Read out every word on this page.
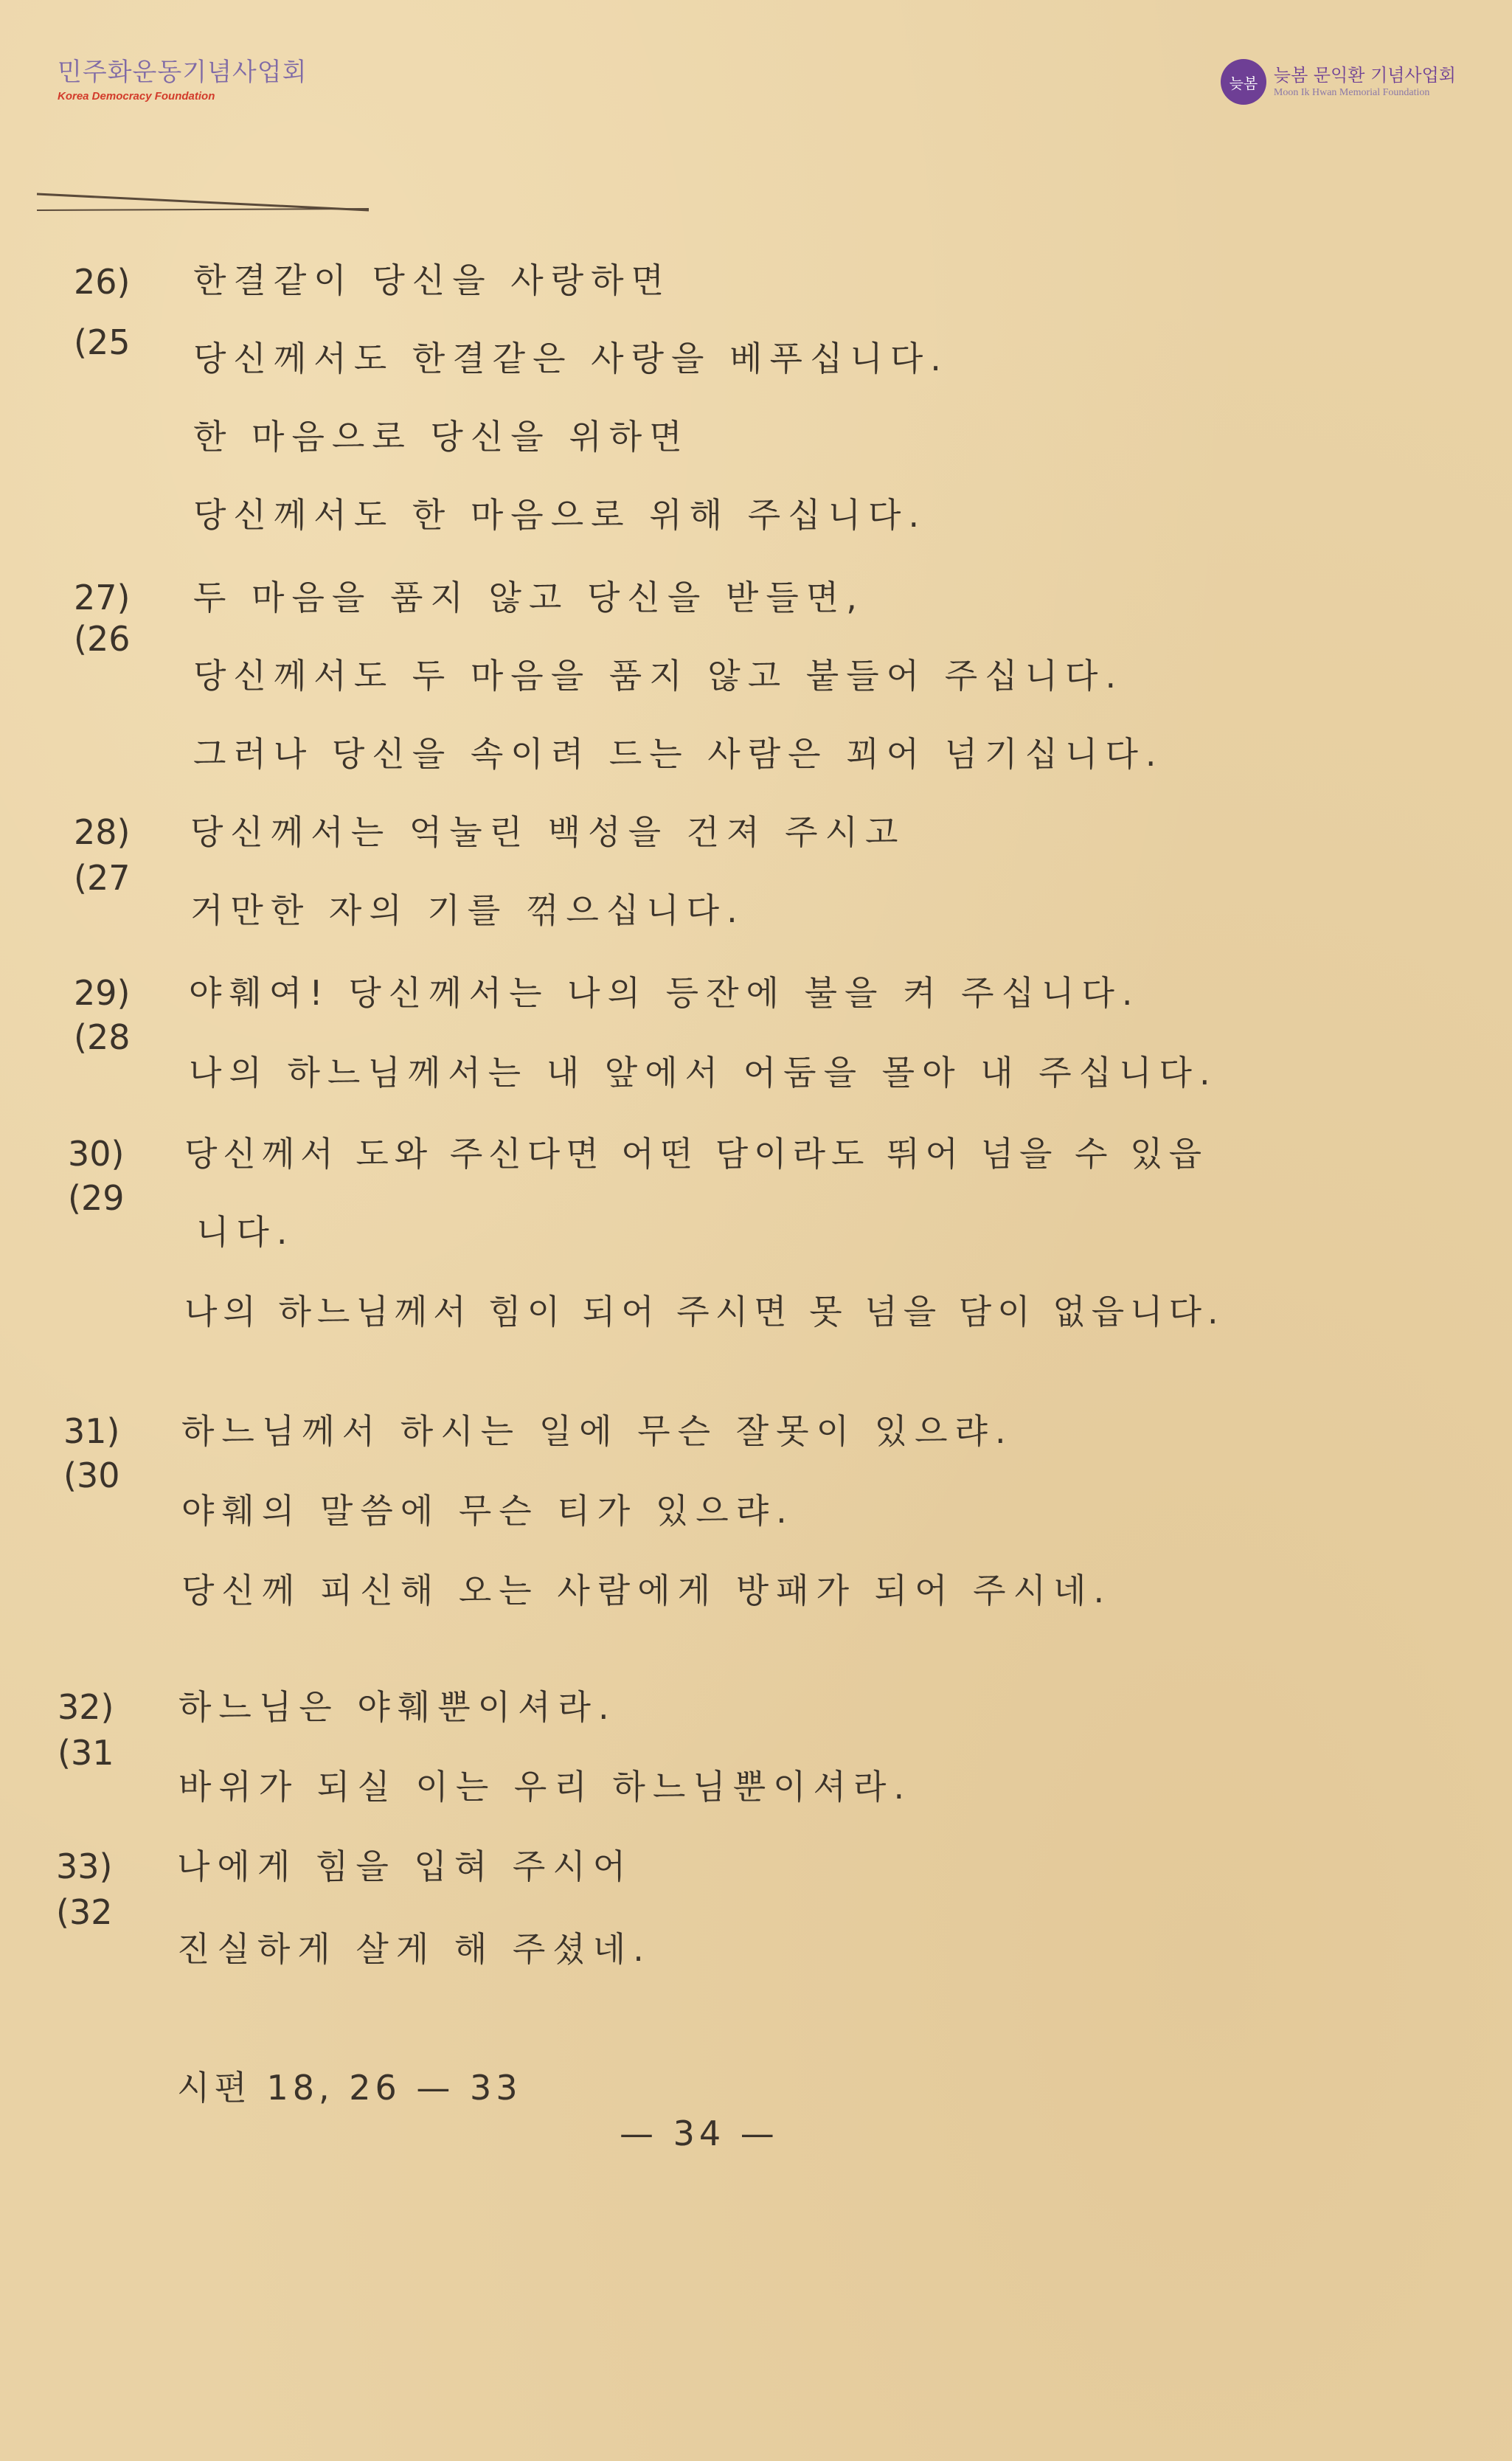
민주화운동기념사업회
Korea Democracy Foundation
늦봄 늦봄 문익환 기념사업회
Moon Ik Hwan Memorial Foundation
26)
(25
한결같이 당신을 사랑하면
당신께서도 한결같은 사랑을 베푸십니다.
한 마음으로 당신을 위하면
당신께서도 한 마음으로 위해 주십니다.
27)
(26
두 마음을 품지 않고 당신을 받들면,
당신께서도 두 마음을 품지 않고 붙들어 주십니다.
그러나 당신을 속이려 드는 사람은 꾀어 넘기십니다.
28)
(27
당신께서는 억눌린 백성을 건져 주시고
거만한 자의 기를 꺾으십니다.
29)
(28
야훼여! 당신께서는 나의 등잔에 불을 켜 주십니다.
나의 하느님께서는 내 앞에서 어둠을 몰아 내 주십니다.
30)
(29
당신께서 도와 주신다면 어떤 담이라도 뛰어 넘을 수 있읍
니다.
나의 하느님께서 힘이 되어 주시면 못 넘을 담이 없읍니다.
31)
(30
하느님께서 하시는 일에 무슨 잘못이 있으랴.
야훼의 말씀에 무슨 티가 있으랴.
당신께 피신해 오는 사람에게 방패가 되어 주시네.
32)
(31
하느님은 야훼뿐이셔라.
바위가 되실 이는 우리 하느님뿐이셔라.
33)
(32
나에게 힘을 입혀 주시어
진실하게 살게 해 주셨네.
시편 18, 26 — 33
— 34 —
